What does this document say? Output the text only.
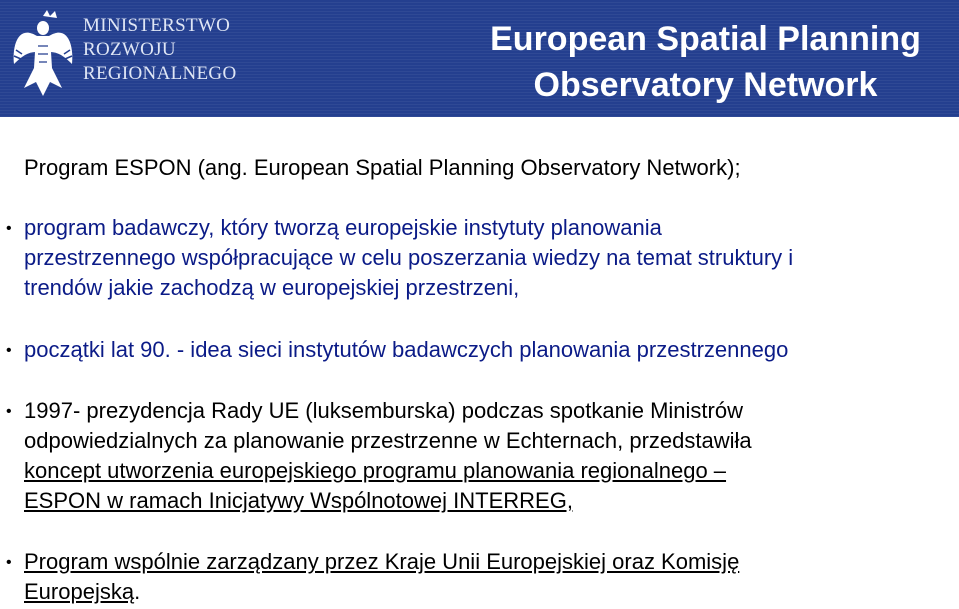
MINISTERSTWO
ROZWOJU
REGIONALNEGO
European Spatial Planning
Observatory Network
Program ESPON (ang. European Spatial Planning Observatory Network);
• program badawczy, który tworzą europejskie instytuty planowania
przestrzennego współpracujące w celu poszerzania wiedzy na temat struktury i
trendów jakie zachodzą w europejskiej przestrzeni,
• początki lat 90. - idea sieci instytutów badawczych planowania przestrzennego
• 1997- prezydencja Rady UE (luksemburska) podczas spotkanie Ministrów
odpowiedzialnych za planowanie przestrzenne w Echternach, przedstawiła
koncept utworzenia europejskiego programu planowania regionalnego –
ESPON w ramach Inicjatywy Wspólnotowej INTERREG,
• Program wspólnie zarządzany przez Kraje Unii Europejskiej oraz Komisję
Europejską.
